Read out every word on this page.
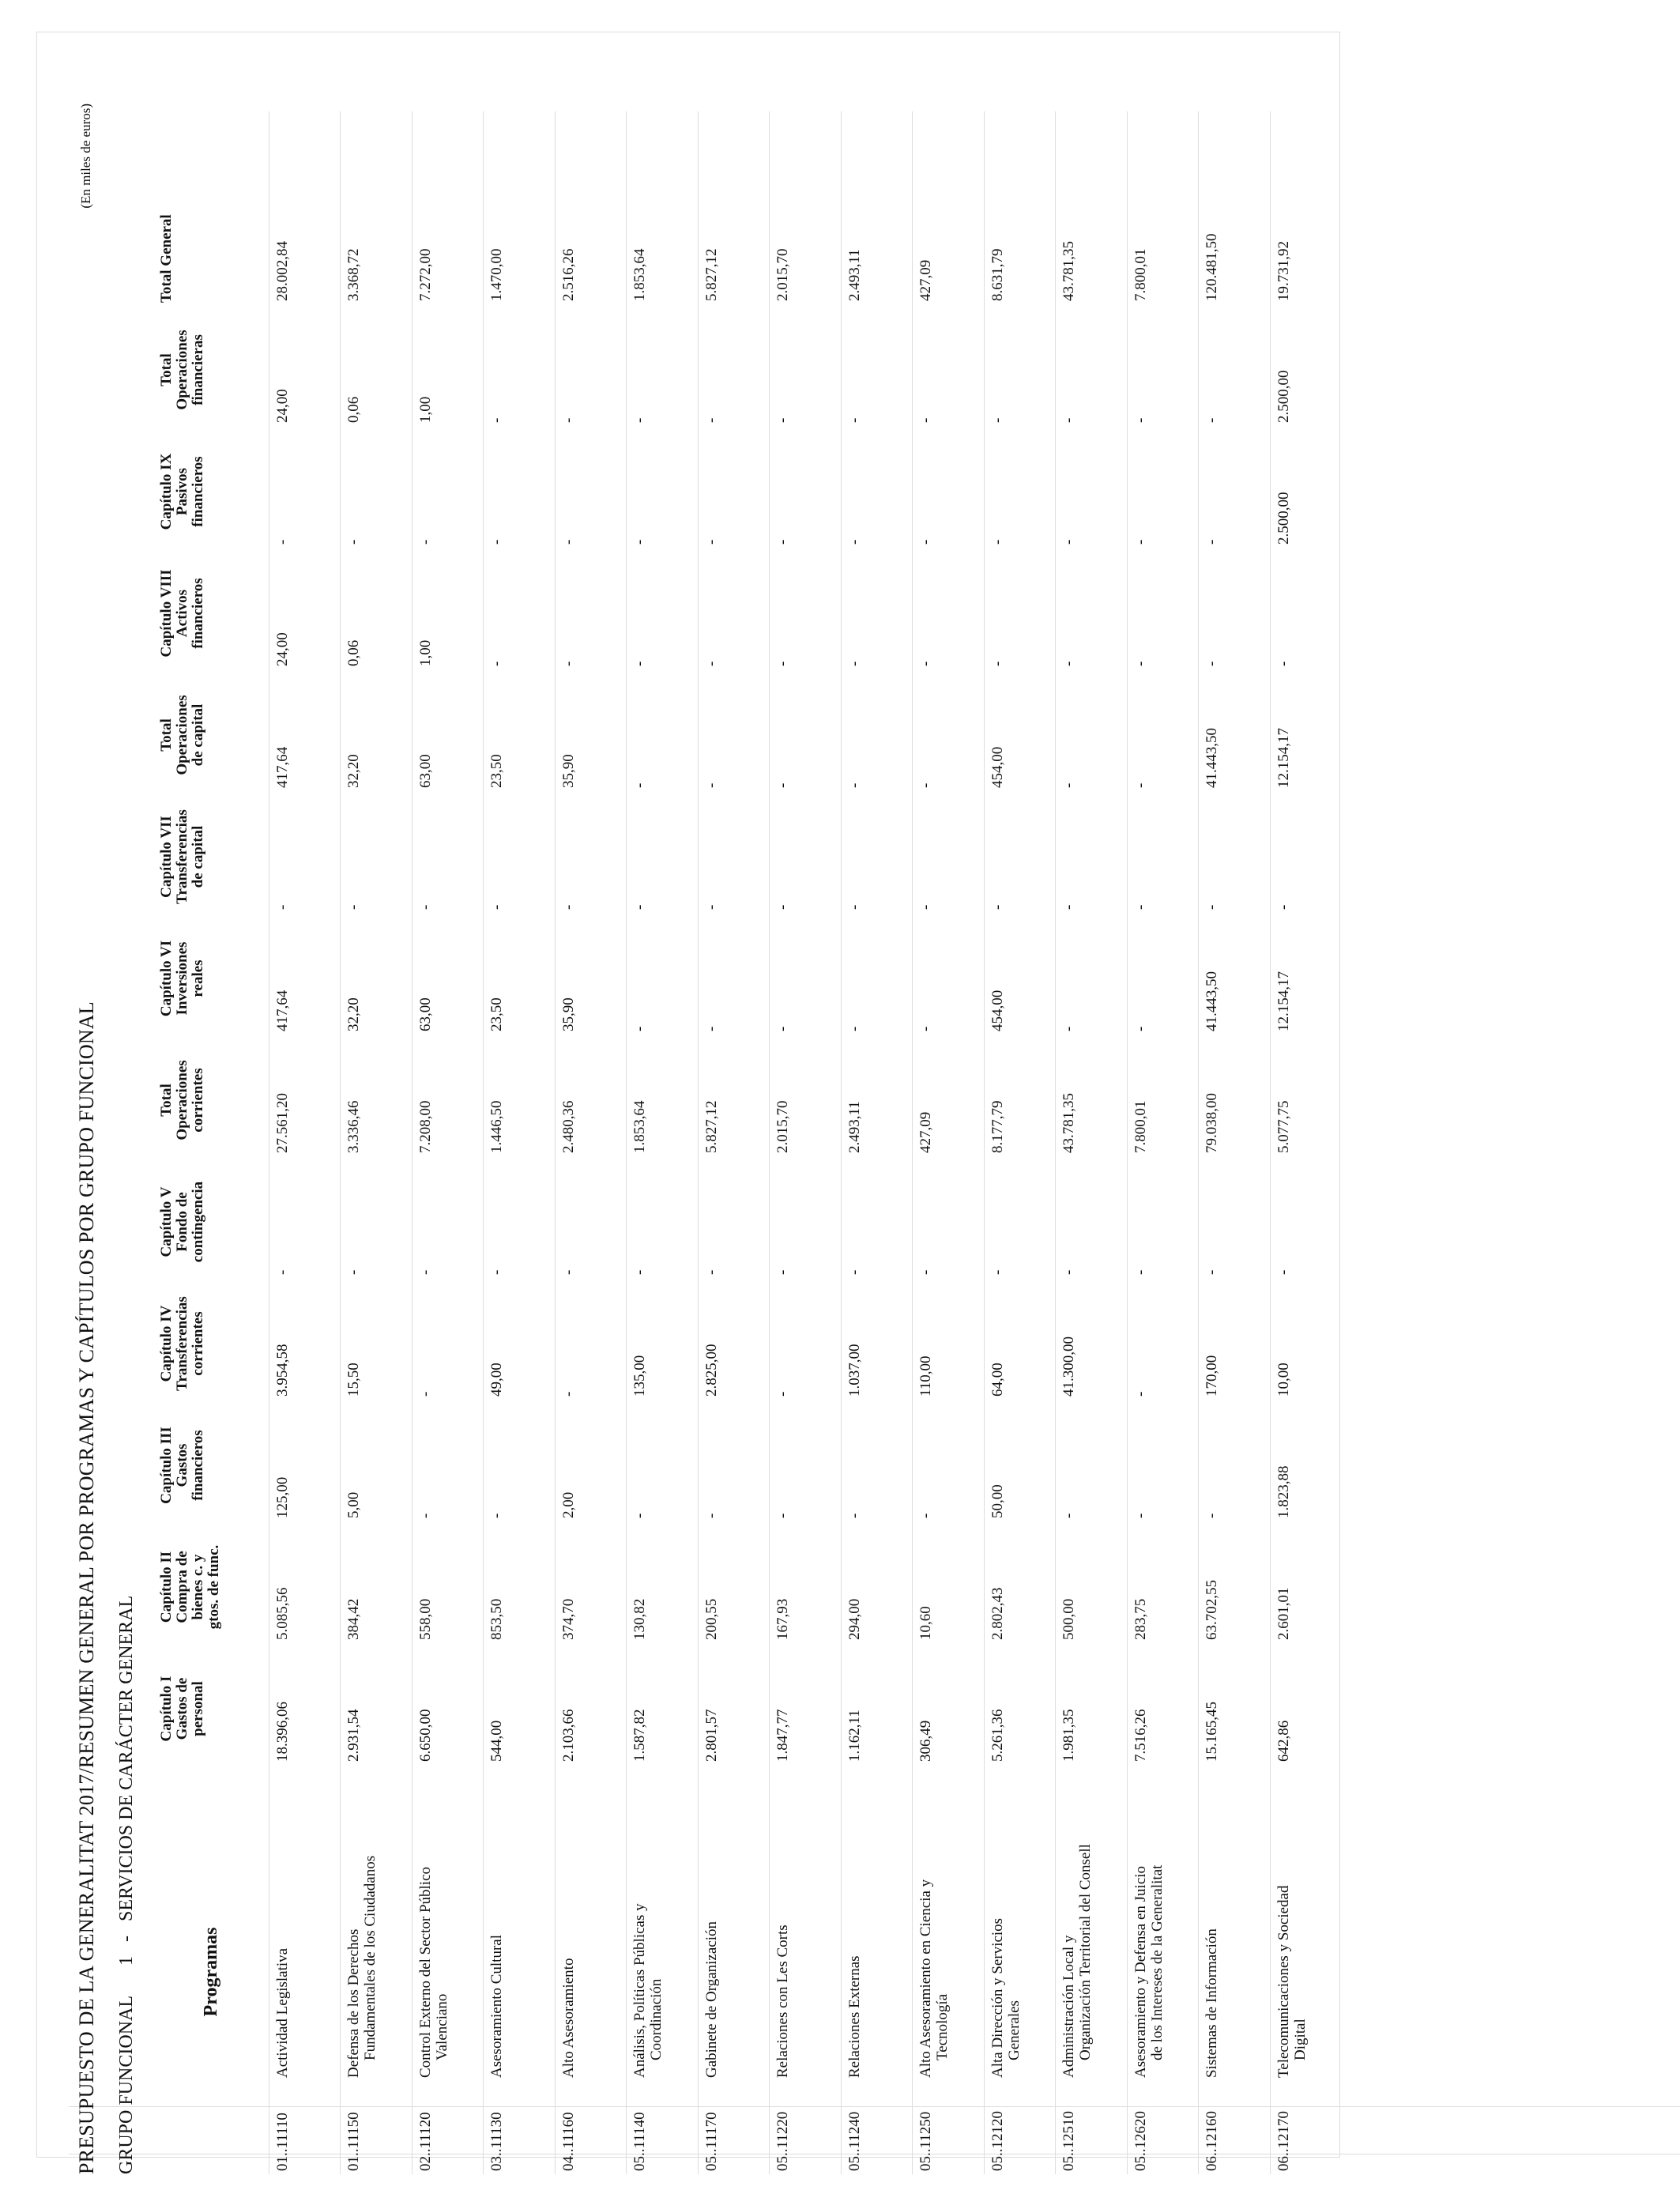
PRESUPUESTO DE LA GENERALITAT 2017/RESUMEN GENERAL POR PROGRAMAS Y CAPÍTULOS POR GRUPO FUNCIONAL
(En miles de euros)
GRUPO FUNCIONAL1   -   SERVICIOS DE CARÁCTER GENERAL
Programas	Capítulo I
Gastos de
personal	Capítulo II
Compra de
bienes c. y
gtos. de func.	Capítulo III
Gastos
financieros	Capítulo IV
Transferencias
corrientes	Capítulo V
Fondo de
contingencia	Total
Operaciones
corrientes	Capítulo VI
Inversiones
reales	Capítulo VII
Transferencias
de capital	Total
Operaciones
de capital	Capítulo VIII
Activos
financieros	Capítulo IX
Pasivos
financieros	Total
Operaciones
financieras	Total General
01..11110Actividad Legislativa	18.396,06	5.085,56	125,00	3.954,58	-	27.561,20	417,64	-	417,64	24,00	-	24,00	28.002,84
01..11150Defensa de los Derechos Fundamentales de los Ciudadanos	2.931,54	384,42	5,00	15,50	-	3.336,46	32,20	-	32,20	0,06	-	0,06	3.368,72
02..11120Control Externo del Sector Público Valenciano	6.650,00	558,00	-	-	-	7.208,00	63,00	-	63,00	1,00	-	1,00	7.272,00
03..11130Asesoramiento Cultural	544,00	853,50	-	49,00	-	1.446,50	23,50	-	23,50	-	-	-	1.470,00
04..11160Alto Asesoramiento	2.103,66	374,70	2,00	-	-	2.480,36	35,90	-	35,90	-	-	-	2.516,26
05..11140Análisis, Políticas Públicas y Coordinación	1.587,82	130,82	-	135,00	-	1.853,64	-	-	-	-	-	-	1.853,64
05..11170Gabinete de Organización	2.801,57	200,55	-	2.825,00	-	5.827,12	-	-	-	-	-	-	5.827,12
05..11220Relaciones con Les Corts	1.847,77	167,93	-	-	-	2.015,70	-	-	-	-	-	-	2.015,70
05..11240Relaciones Externas	1.162,11	294,00	-	1.037,00	-	2.493,11	-	-	-	-	-	-	2.493,11
05..11250Alto Asesoramiento en Ciencia y Tecnología	306,49	10,60	-	110,00	-	427,09	-	-	-	-	-	-	427,09
05..12120Alta Dirección y Servicios Generales	5.261,36	2.802,43	50,00	64,00	-	8.177,79	454,00	-	454,00	-	-	-	8.631,79
05..12510Administración Local y Organización Territorial del Consell	1.981,35	500,00	-	41.300,00	-	43.781,35	-	-	-	-	-	-	43.781,35
05..12620Asesoramiento y Defensa en Juicio de los Intereses de la Generalitat	7.516,26	283,75	-	-	-	7.800,01	-	-	-	-	-	-	7.800,01
06..12160Sistemas de Información	15.165,45	63.702,55	-	170,00	-	79.038,00	41.443,50	-	41.443,50	-	-	-	120.481,50
06..12170Telecomunicaciones y Sociedad Digital	642,86	2.601,01	1.823,88	10,00	-	5.077,75	12.154,17	-	12.154,17	-	2.500,00	2.500,00	19.731,92
